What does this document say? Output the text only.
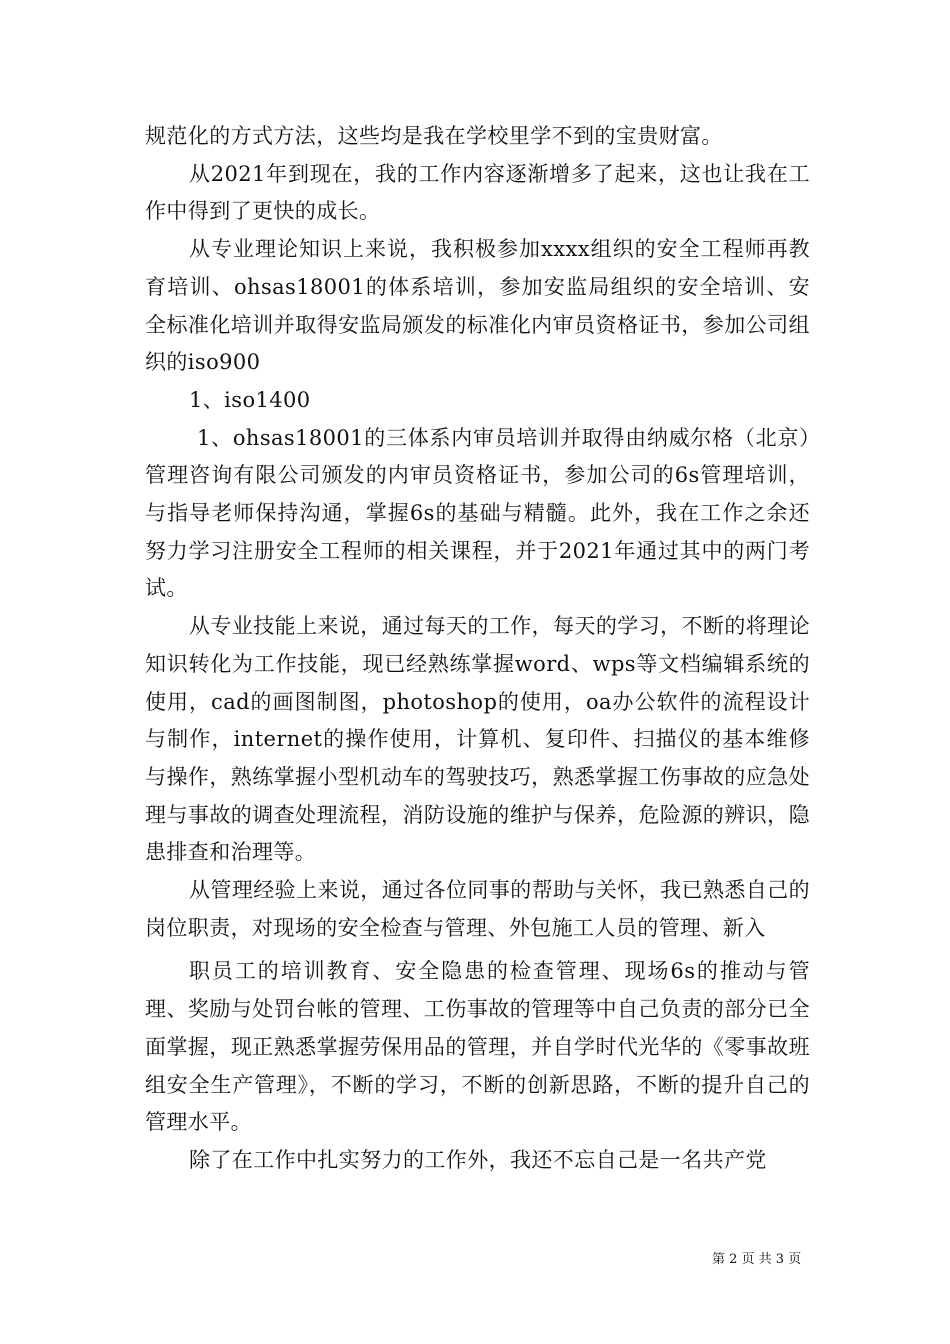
规范化的方式方法，这些均是我在学校里学不到的宝贵财富。

从2021年到现在，我的工作内容逐渐增多了起来，这也让我在工作中得到了更快的成长。

从专业理论知识上来说，我积极参加xxxx组织的安全工程师再教育培训、ohsas18001的体系培训，参加安监局组织的安全培训、安全标准化培训并取得安监局颁发的标准化内审员资格证书，参加公司组织的iso900

1、iso1400

1、ohsas18001的三体系内审员培训并取得由纳威尔格（北京）管理咨询有限公司颁发的内审员资格证书，参加公司的6s管理培训，与指导老师保持沟通，掌握6s的基础与精髓。此外，我在工作之余还努力学习注册安全工程师的相关课程，并于2021年通过其中的两门考试。

从专业技能上来说，通过每天的工作，每天的学习，不断的将理论知识转化为工作技能，现已经熟练掌握word、wps等文档编辑系统的使用，cad的画图制图，photoshop的使用，oa办公软件的流程设计与制作，internet的操作使用，计算机、复印件、扫描仪的基本维修与操作，熟练掌握小型机动车的驾驶技巧，熟悉掌握工伤事故的应急处理与事故的调查处理流程，消防设施的维护与保养，危险源的辨识，隐患排查和治理等。

从管理经验上来说，通过各位同事的帮助与关怀，我已熟悉自己的岗位职责，对现场的安全检查与管理、外包施工人员的管理、新入

职员工的培训教育、安全隐患的检查管理、现场6s的推动与管理、奖励与处罚台帐的管理、工伤事故的管理等中自己负责的部分已全面掌握，现正熟悉掌握劳保用品的管理，并自学时代光华的《零事故班组安全生产管理》，不断的学习，不断的创新思路，不断的提升自己的管理水平。

除了在工作中扎实努力的工作外，我还不忘自己是一名共产党

第 2 页 共 3 页
